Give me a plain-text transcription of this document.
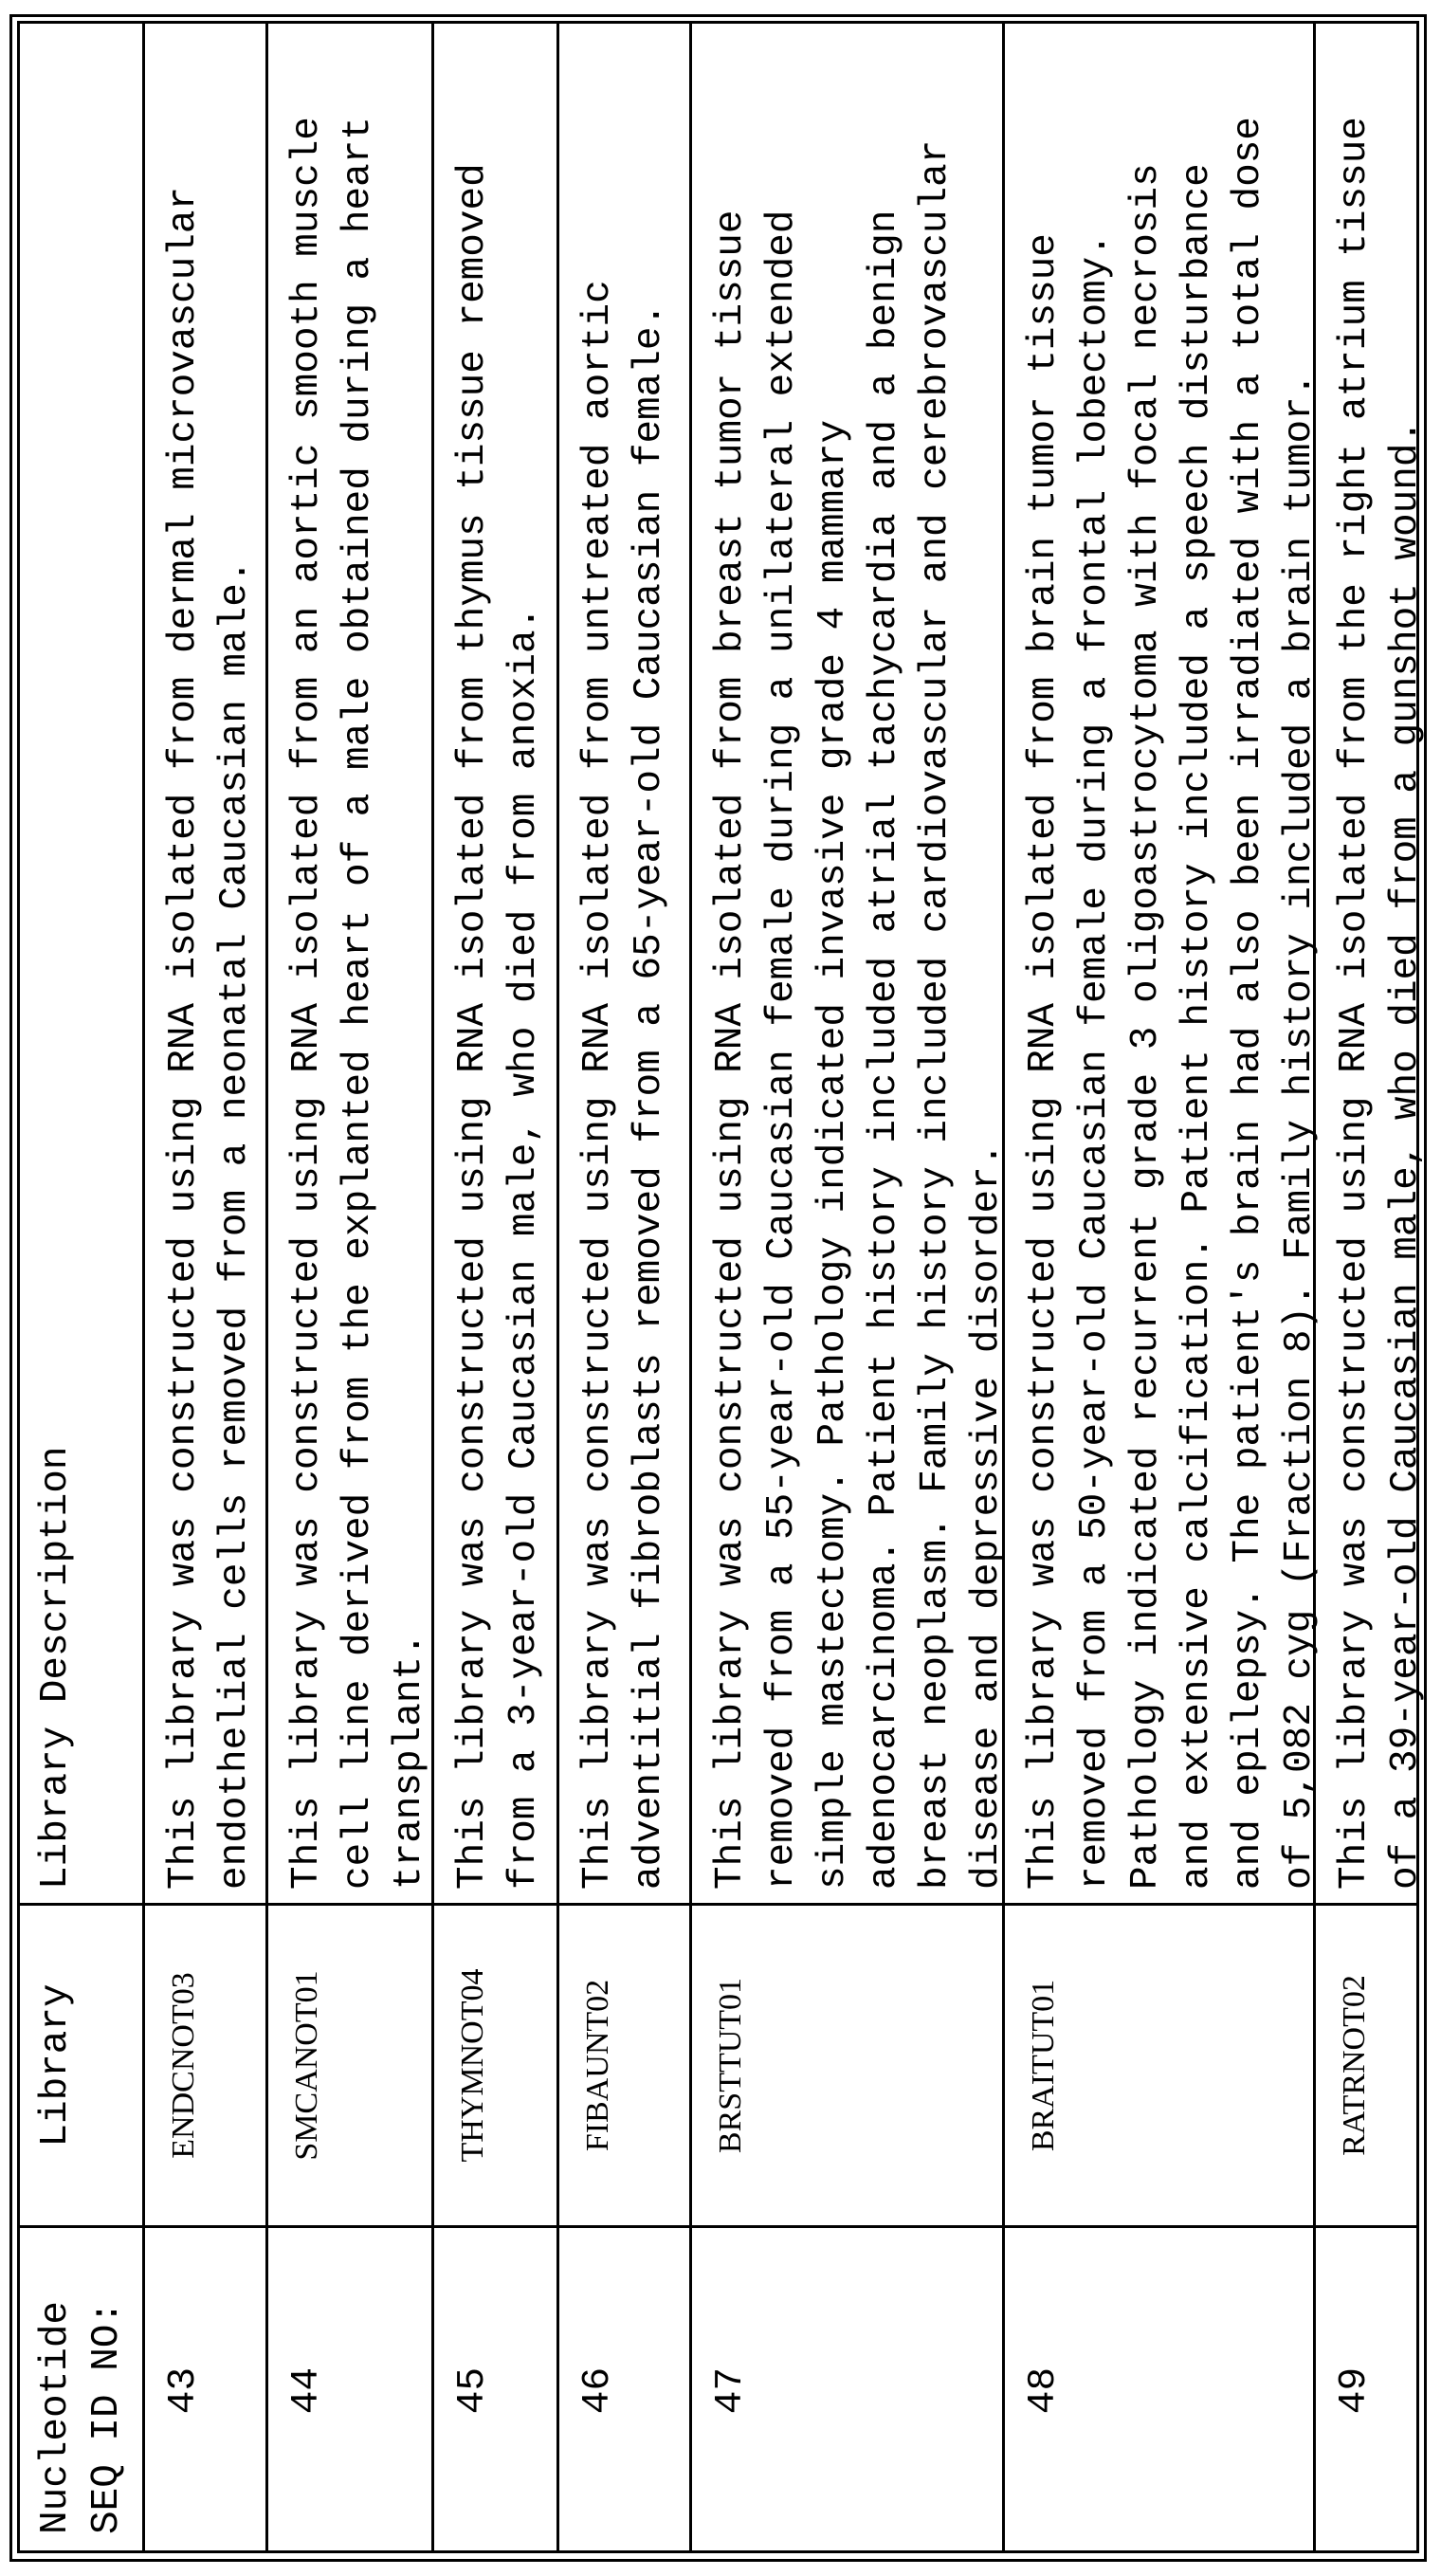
Nucleotide SEQ ID NO:
Library
Library Description
43
ENDCNOT03
This library was constructed using RNA isolated from dermal microvascular endothelial cells removed from a neonatal Caucasian male.
44
SMCANOT01
This library was constructed using RNA isolated from an aortic smooth muscle cell line derived from the explanted heart of a male obtained during a heart transplant.
45
THYMNOT04
This library was constructed using RNA isolated from thymus tissue removed from a 3-year-old Caucasian male, who died from anoxia.
46
FIBAUNT02
This library was constructed using RNA isolated from untreated aortic adventitial fibroblasts removed from a 65-year-old Caucasian female.
47
BRSTTUT01
This library was constructed using RNA isolated from breast tumor tissue removed from a 55-year-old Caucasian female during a unilateral extended simple mastectomy. Pathology indicated invasive grade 4 mammary adenocarcinoma. Patient history included atrial tachycardia and a benign breast neoplasm. Family history included cardiovascular and cerebrovascular disease and depressive disorder.
48
BRAITUT01
This library was constructed using RNA isolated from brain tumor tissue removed from a 50-year-old Caucasian female during a frontal lobectomy. Pathology indicated recurrent grade 3 oligoastrocytoma with focal necrosis and extensive calcification. Patient history included a speech disturbance and epilepsy. The patient's brain had also been irradiated with a total dose of 5,082 cyg (Fraction 8). Family history included a brain tumor.
49
RATRNOT02
This library was constructed using RNA isolated from the right atrium tissue of a 39-year-old Caucasian male, who died from a gunshot wound.
